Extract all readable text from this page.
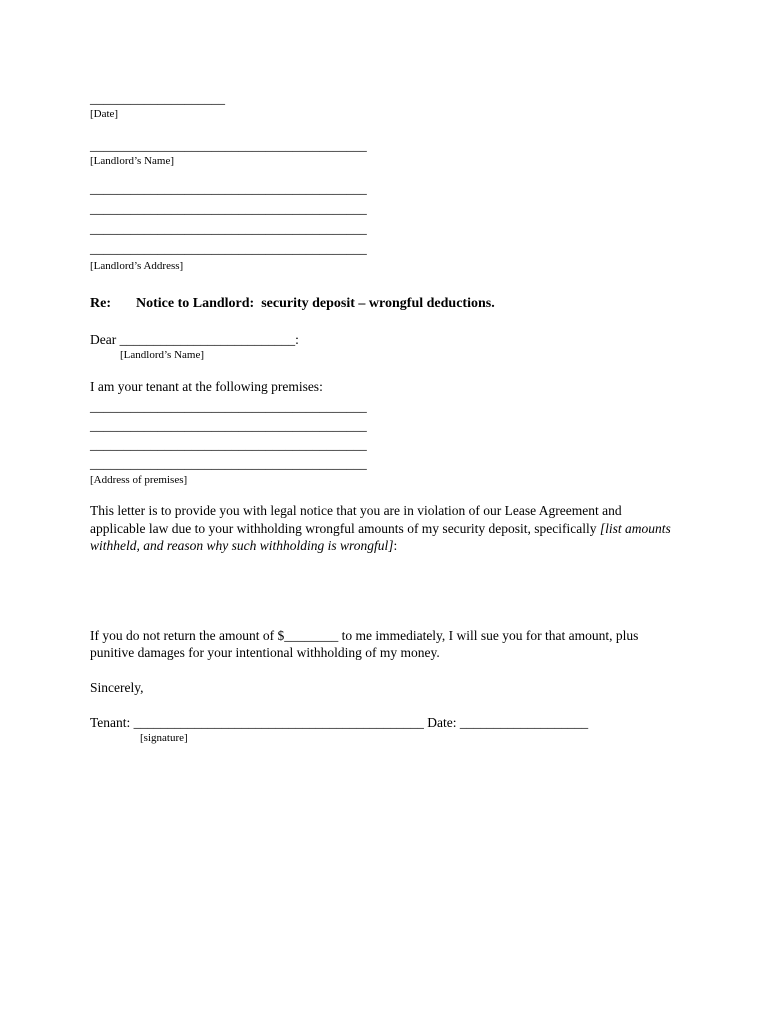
____________________
[Date]
_________________________________________
[Landlord’s Name]
_________________________________________
_________________________________________
_________________________________________
_________________________________________
[Landlord’s Address]

Re: Notice to Landlord:  security deposit – wrongful deductions.

Dear __________________________:

[Landlord’s Name]

I am your tenant at the following premises:

_________________________________________
_________________________________________
_________________________________________
_________________________________________
[Address of premises]

This letter is to provide you with legal notice that you are in violation of our Lease Agreement and applicable law due to your withholding wrongful amounts of my security deposit, specifically [list amounts withheld, and reason why such withholding is wrongful]:

If you do not return the amount of $________ to me immediately, I will sue you for that amount, plus punitive damages for your intentional withholding of my money.

Sincerely,

Tenant: ___________________________________________ Date: ___________________

[signature]
